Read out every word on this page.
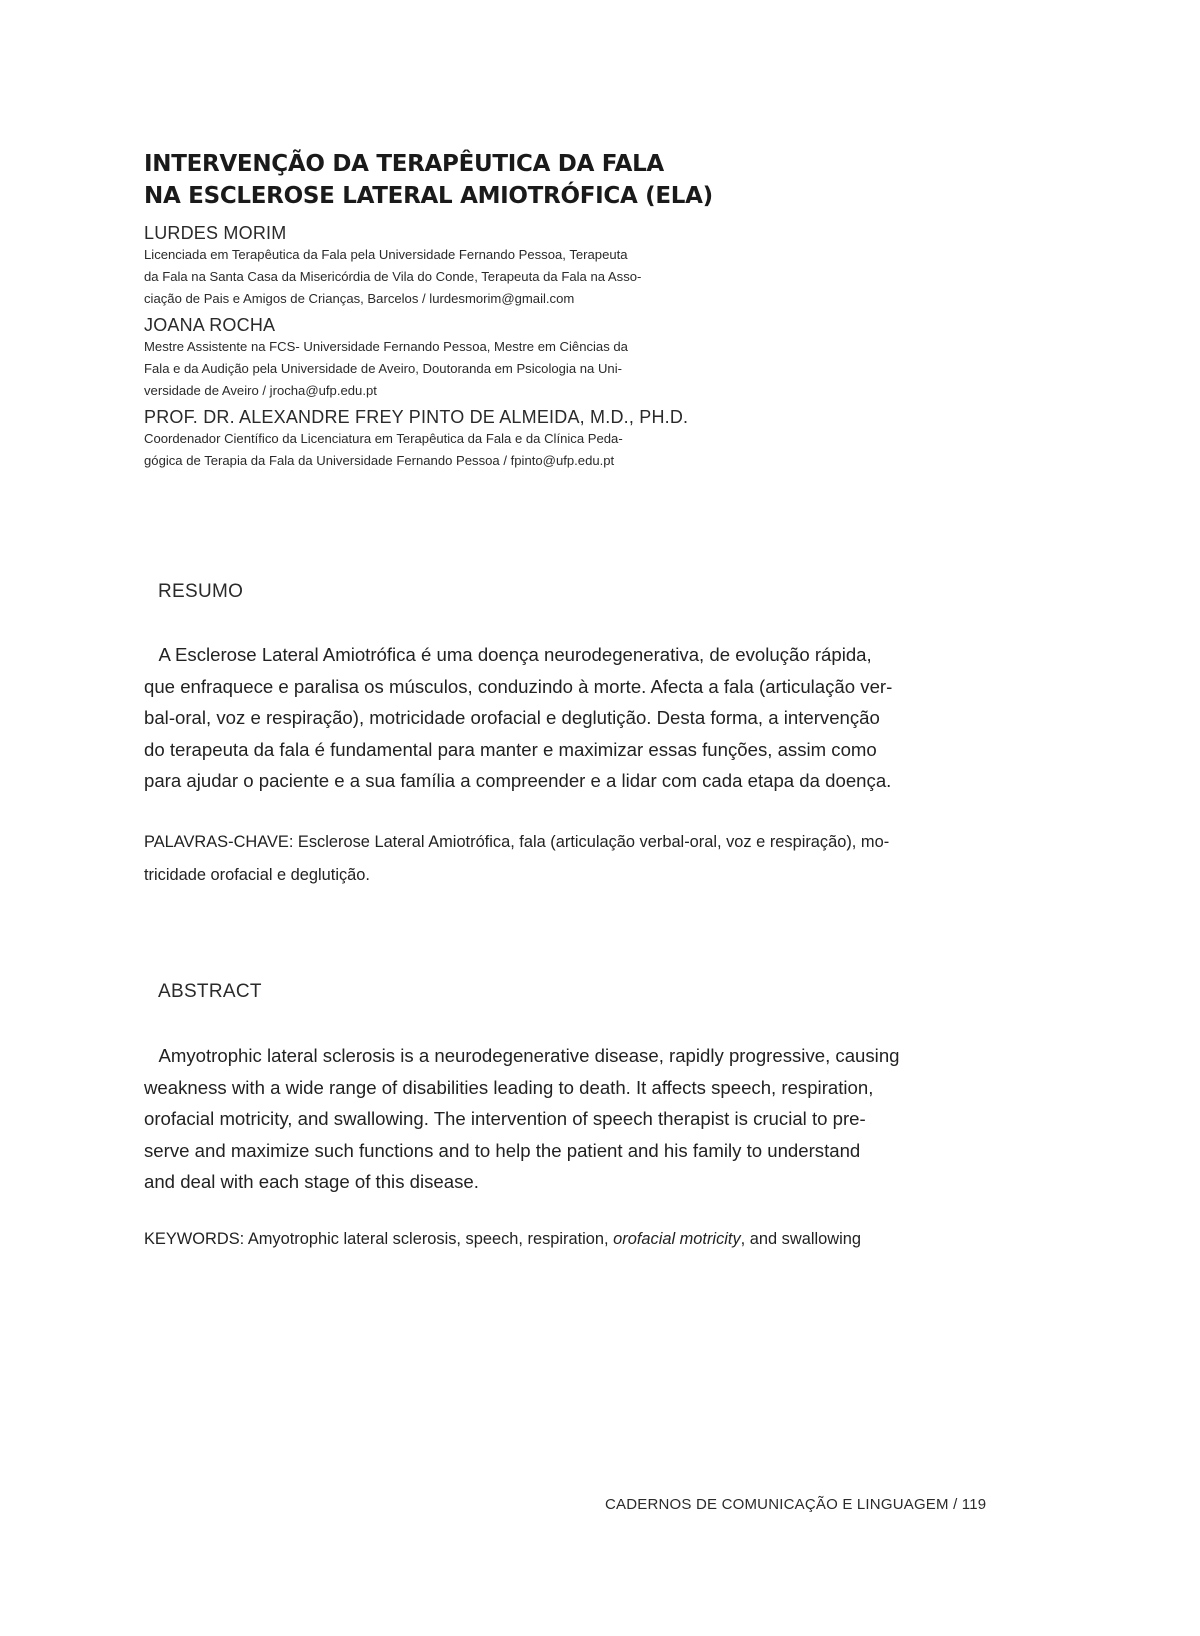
INTERVENÇÃO DA TERAPÊUTICA DA FALA
NA ESCLEROSE LATERAL AMIOTRÓFICA (ELA)
LURDES MORIM
Licenciada em Terapêutica da Fala pela Universidade Fernando Pessoa, Terapeuta
da Fala na Santa Casa da Misericórdia de Vila do Conde, Terapeuta da Fala na Asso-
ciação de Pais e Amigos de Crianças, Barcelos / lurdesmorim@gmail.com
JOANA ROCHA
Mestre Assistente na FCS- Universidade Fernando Pessoa, Mestre em Ciências da
Fala e da Audição pela Universidade de Aveiro, Doutoranda em Psicologia na Uni-
versidade de Aveiro / jrocha@ufp.edu.pt
PROF. DR. ALEXANDRE FREY PINTO DE ALMEIDA, M.D., PH.D.
Coordenador Científico da Licenciatura em Terapêutica da Fala e da Clínica Peda-
gógica de Terapia da Fala da Universidade Fernando Pessoa / fpinto@ufp.edu.pt
RESUMO
A Esclerose Lateral Amiotrófica é uma doença neurodegenerativa, de evolução rápida,
que enfraquece e paralisa os músculos, conduzindo à morte. Afecta a fala (articulação ver-
bal-oral, voz e respiração), motricidade orofacial e deglutição. Desta forma, a intervenção
do terapeuta da fala é fundamental para manter e maximizar essas funções, assim como
para ajudar o paciente e a sua família a compreender e a lidar com cada etapa da doença.
PALAVRAS-CHAVE: Esclerose Lateral Amiotrófica, fala (articulação verbal-oral, voz e respiração), mo-
tricidade orofacial e deglutição.
ABSTRACT
Amyotrophic lateral sclerosis is a neurodegenerative disease, rapidly progressive, causing
weakness with a wide range of disabilities leading to death. It affects speech, respiration,
orofacial motricity, and swallowing. The intervention of speech therapist is crucial to pre-
serve and maximize such functions and to help the patient and his family to understand
and deal with each stage of this disease.
KEYWORDS: Amyotrophic lateral sclerosis, speech, respiration, orofacial motricity, and swallowing
CADERNOS DE COMUNICAÇÃO E LINGUAGEM / 119
